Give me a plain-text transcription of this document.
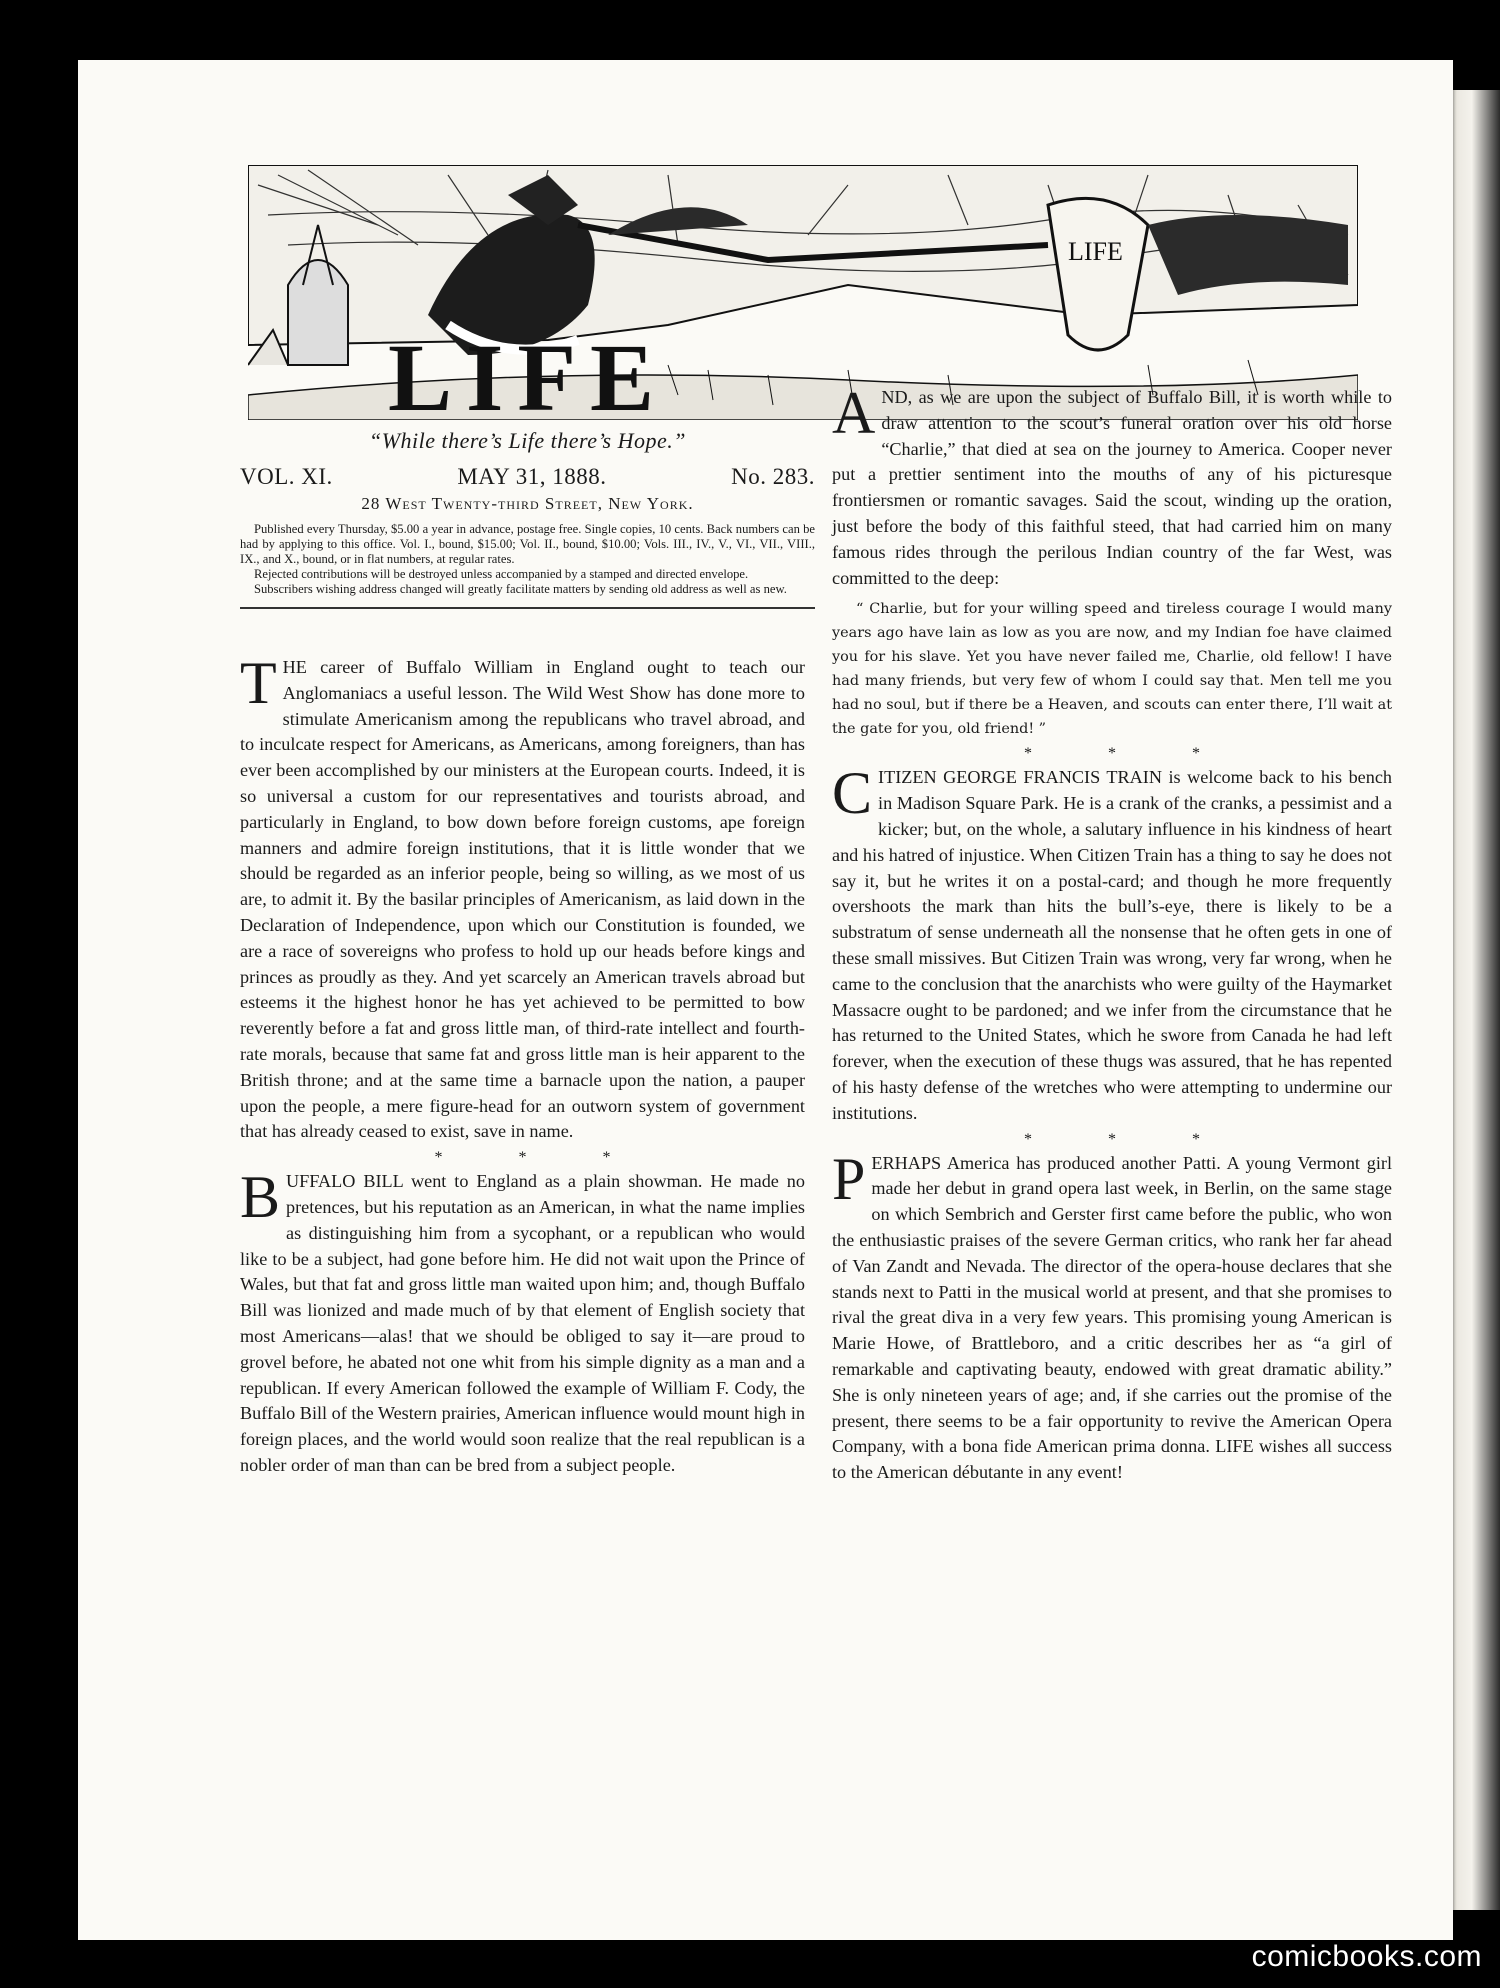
LIFE
LIFE
“While there’s Life there’s Hope.”
VOL. XI.	MAY 31, 1888.	No. 283.
28 West Twenty-third Street, New York.

Published every Thursday, $5.00 a year in advance, postage free. Single copies, 10 cents. Back numbers can be had by applying to this office. Vol. I., bound, $15.00; Vol. II., bound, $10.00; Vols. III., IV., V., VI., VII., VIII., IX., and X., bound, or in flat numbers, at regular rates.

Rejected contributions will be destroyed unless accompanied by a stamped and directed envelope.

Subscribers wishing address changed will greatly facilitate matters by sending old address as well as new.

T HE career of Buffalo William in England ought to teach our Anglomaniacs a useful lesson. The Wild West Show has done more to stimulate Americanism among the republicans who travel abroad, and to inculcate respect for Americans, as Americans, among foreigners, than has ever been accomplished by our ministers at the European courts. Indeed, it is so universal a custom for our representatives and tourists abroad, and particularly in England, to bow down before foreign customs, ape foreign manners and admire foreign institutions, that it is little wonder that we should be regarded as an inferior people, being so willing, as we most of us are, to admit it. By the basilar principles of Americanism, as laid down in the Declaration of Independence, upon which our Constitution is founded, we are a race of sovereigns who profess to hold up our heads before kings and princes as proudly as they. And yet scarcely an American travels abroad but esteems it the highest honor he has yet achieved to be permitted to bow reverently before a fat and gross little man, of third-rate intellect and fourth-rate morals, because that same fat and gross little man is heir apparent to the British throne; and at the same time a barnacle upon the nation, a pauper upon the people, a mere figure-head for an outworn system of government that has already ceased to exist, save in name.

* * *

B UFFALO BILL went to England as a plain showman. He made no pretences, but his reputation as an American, in what the name implies as distinguishing him from a sycophant, or a republican who would like to be a subject, had gone before him. He did not wait upon the Prince of Wales, but that fat and gross little man waited upon him; and, though Buffalo Bill was lionized and made much of by that element of English society that most Americans—alas! that we should be obliged to say it—are proud to grovel before, he abated not one whit from his simple dignity as a man and a republican. If every American followed the example of William F. Cody, the Buffalo Bill of the Western prairies, American influence would mount high in foreign places, and the world would soon realize that the real republican is a nobler order of man than can be bred from a subject people.

A ND, as we are upon the subject of Buffalo Bill, it is worth while to draw attention to the scout’s funeral oration over his old horse “Charlie,” that died at sea on the journey to America. Cooper never put a prettier sentiment into the mouths of any of his picturesque frontiersmen or romantic savages. Said the scout, winding up the oration, just before the body of this faithful steed, that had carried him on many famous rides through the perilous Indian country of the far West, was committed to the deep:

“ Charlie, but for your willing speed and tireless courage I would many years ago have lain as low as you are now, and my Indian foe have claimed you for his slave. Yet you have never failed me, Charlie, old fellow! I have had many friends, but very few of whom I could say that. Men tell me you had no soul, but if there be a Heaven, and scouts can enter there, I’ll wait at the gate for you, old friend! ”

* * *

C ITIZEN GEORGE FRANCIS TRAIN is welcome back to his bench in Madison Square Park. He is a crank of the cranks, a pessimist and a kicker; but, on the whole, a salutary influence in his kindness of heart and his hatred of injustice. When Citizen Train has a thing to say he does not say it, but he writes it on a postal-card; and though he more frequently overshoots the mark than hits the bull’s-eye, there is likely to be a substratum of sense underneath all the nonsense that he often gets in one of these small missives. But Citizen Train was wrong, very far wrong, when he came to the conclusion that the anarchists who were guilty of the Haymarket Massacre ought to be pardoned; and we infer from the circumstance that he has returned to the United States, which he swore from Canada he had left forever, when the execution of these thugs was assured, that he has repented of his hasty defense of the wretches who were attempting to undermine our institutions.

* * *

P ERHAPS America has produced another Patti. A young Vermont girl made her debut in grand opera last week, in Berlin, on the same stage on which Sembrich and Gerster first came before the public, who won the enthusiastic praises of the severe German critics, who rank her far ahead of Van Zandt and Nevada. The director of the opera-house declares that she stands next to Patti in the musical world at present, and that she promises to rival the great diva in a very few years. This promising young American is Marie Howe, of Brattleboro, and a critic describes her as “a girl of remarkable and captivating beauty, endowed with great dramatic ability.” She is only nineteen years of age; and, if she carries out the promise of the present, there seems to be a fair opportunity to revive the American Opera Company, with a bona fide American prima donna. LIFE wishes all success to the American débutante in any event!

comicbooks.com
